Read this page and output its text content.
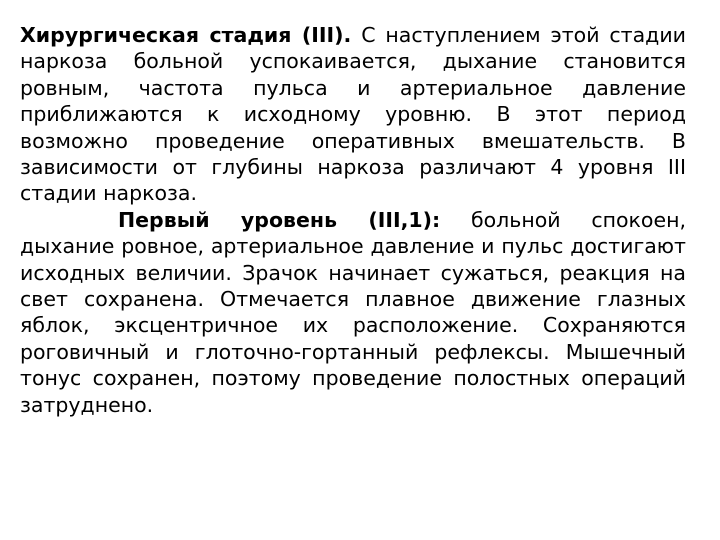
Хирургическая стадия (III). С наступлением этой стадии наркоза больной успокаивается, дыхание становится ровным, частота пульса и артериальное давление приближаются к исходному уровню. В этот период возможно проведение оперативных вмешательств. В зависимости от глубины наркоза различают 4 уровня III стадии наркоза.

Первый уровень (III,1): больной спокоен, дыхание ровное, артериальное давление и пульс достигают исходных величии. Зрачок начинает сужаться, реакция на свет сохранена. Отмечается плавное движение глазных яблок, эксцентричное их расположение. Сохраняются роговичный и глоточно-гортанный рефлексы. Мышечный тонус сохранен, поэтому проведение полостных операций затруднено.
